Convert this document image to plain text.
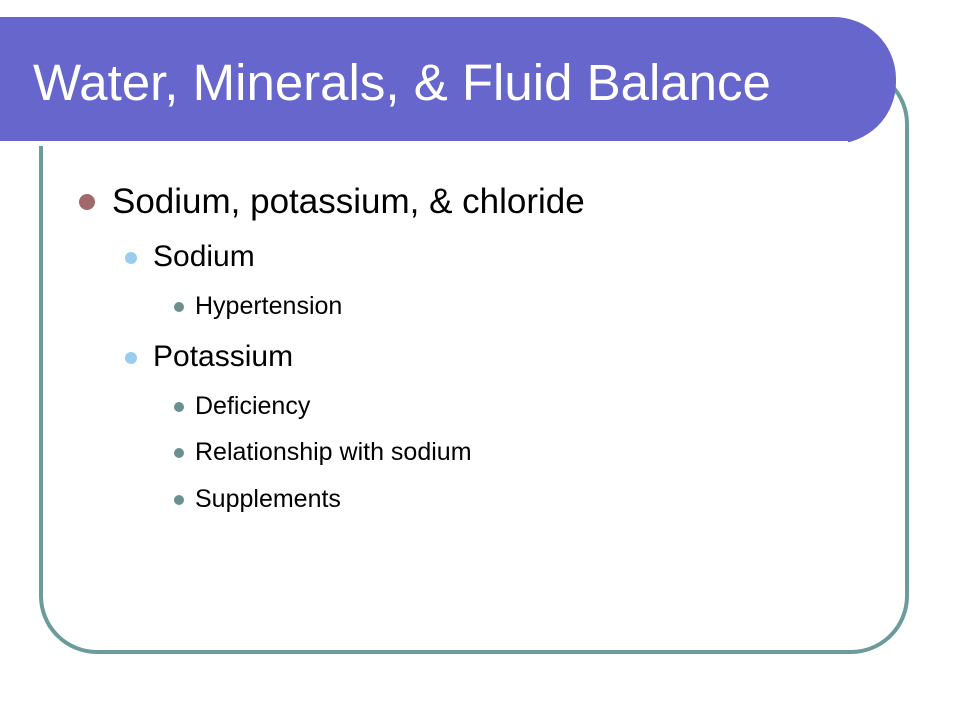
Water, Minerals, & Fluid Balance
Sodium, potassium, & chloride
Sodium
Hypertension
Potassium
Deficiency
Relationship with sodium
Supplements
